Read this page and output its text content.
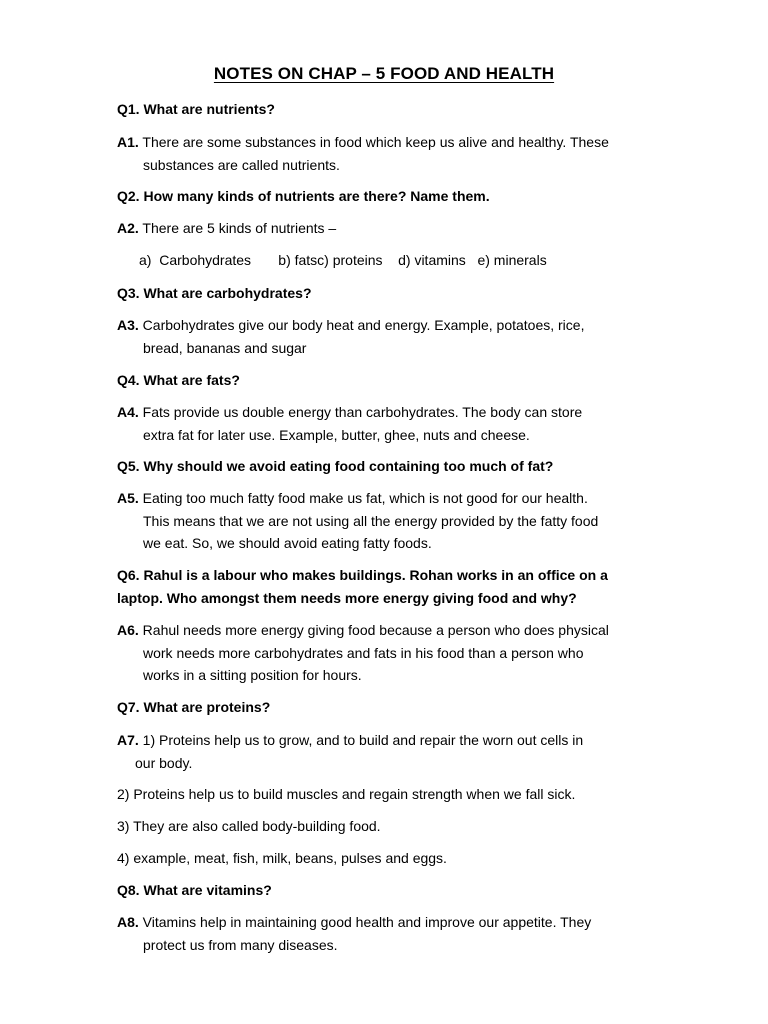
NOTES ON CHAP – 5 FOOD AND HEALTH
Q1. What are nutrients?
A1. There are some substances in food which keep us alive and healthy. These
substances are called nutrients.
Q2. How many kinds of nutrients are there? Name them.
A2. There are 5 kinds of nutrients –
a)  Carbohydrates       b) fatsc) proteins    d) vitamins   e) minerals
Q3. What are carbohydrates?
A3. Carbohydrates give our body heat and energy. Example, potatoes, rice,
bread, bananas and sugar
Q4. What are fats?
A4. Fats provide us double energy than carbohydrates. The body can store
extra fat for later use. Example, butter, ghee, nuts and cheese.
Q5. Why should we avoid eating food containing too much of fat?
A5. Eating too much fatty food make us fat, which is not good for our health.
This means that we are not using all the energy provided by the fatty food
we eat. So, we should avoid eating fatty foods.
Q6. Rahul is a labour who makes buildings. Rohan works in an office on a
laptop. Who amongst them needs more energy giving food and why?
A6. Rahul needs more energy giving food because a person who does physical
work needs more carbohydrates and fats in his food than a person who
works in a sitting position for hours.
Q7. What are proteins?
A7. 1) Proteins help us to grow, and to build and repair the worn out cells in
our body.
2) Proteins help us to build muscles and regain strength when we fall sick.
3) They are also called body-building food.
4) example, meat, fish, milk, beans, pulses and eggs.
Q8. What are vitamins?
A8. Vitamins help in maintaining good health and improve our appetite. They
protect us from many diseases.
